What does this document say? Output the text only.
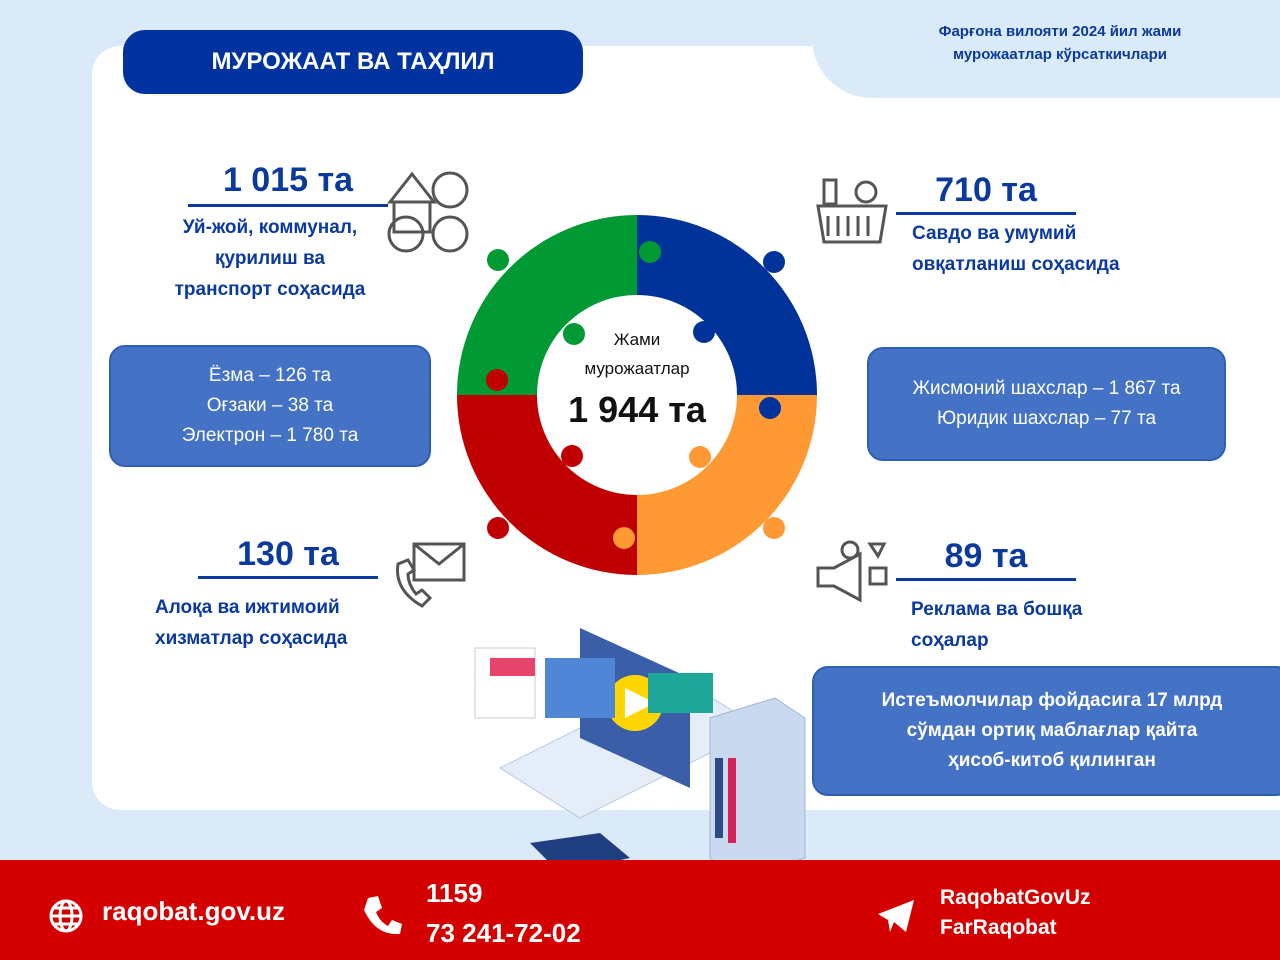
Фарғона вилояти 2024 йил жами
мурожаатлар кўрсаткичлари
МУРОЖААТ ВА ТАҲЛИЛ
1 015 та
Уй-жой, коммунал,
қурилиш ва
транспорт соҳасида
710 та
Савдо ва умумий
овқатланиш соҳасида
Ёзма – 126 та
Оғзаки – 38 та
Электрон – 1 780 та
Жисмоний шахслар – 1 867 та
Юридик шахслар – 77 та
Жами
мурожаатлар
1 944 та
130 та
Алоқа ва ижтимоий
хизматлар соҳасида
89 та
Реклама ва бошқа
соҳалар
Истеъмолчилар фойдасига 17 млрд
сўмдан ортиқ маблағлар қайта
ҳисоб-китоб қилинган
raqobat.gov.uz
1159
73 241-72-02
RaqobatGovUz
FarRaqobat
